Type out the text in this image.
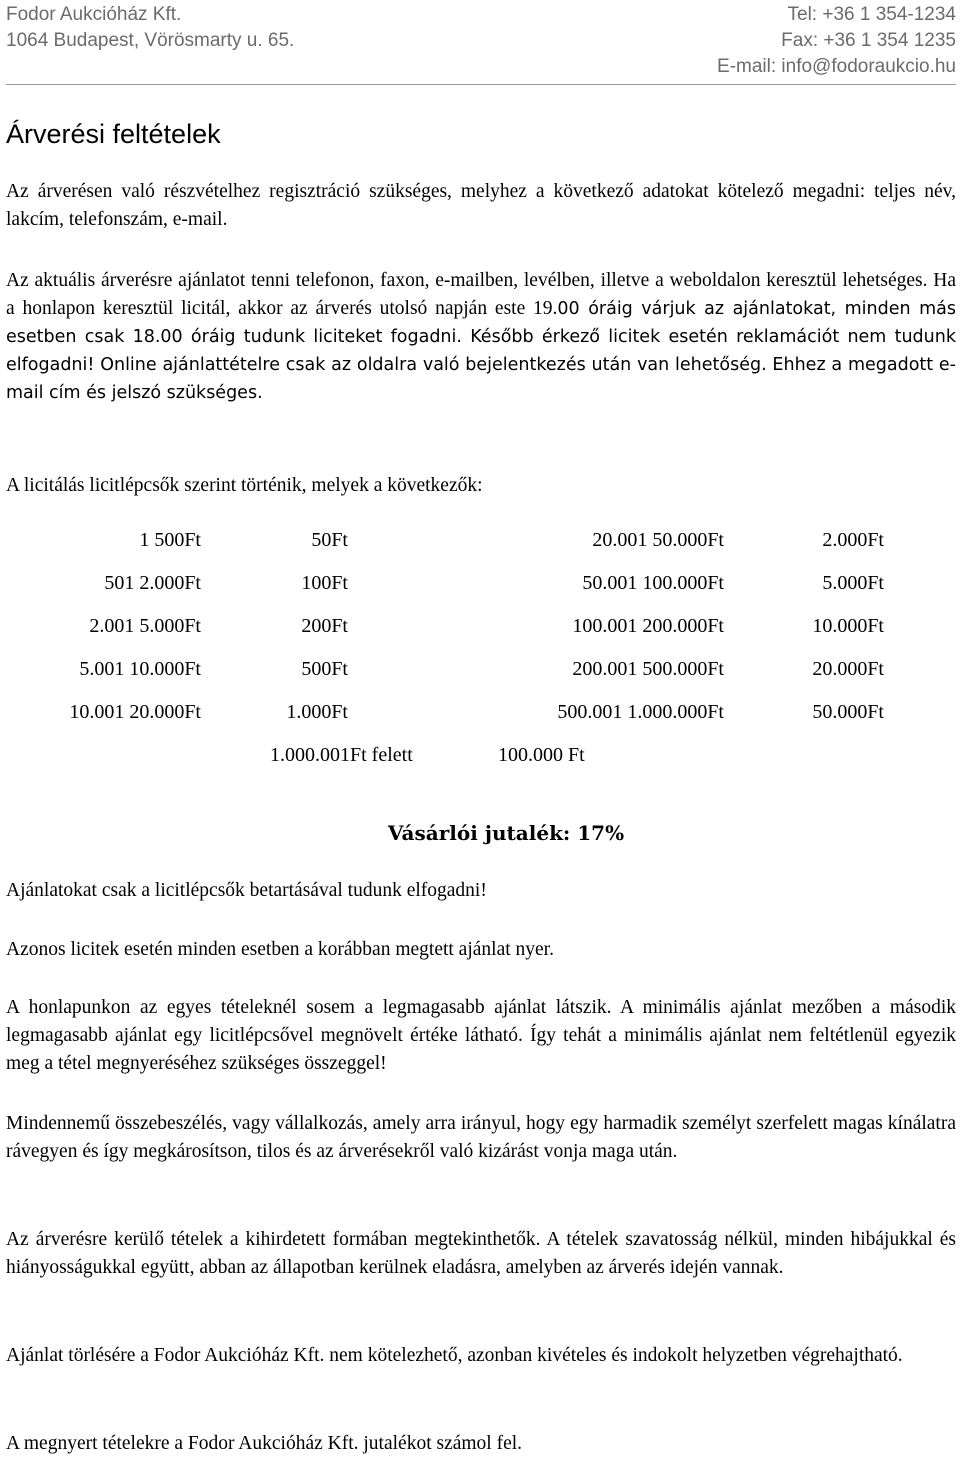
Fodor Aukcióház Kft.
1064 Budapest, Vörösmarty u. 65.
Tel: +36 1 354-1234
Fax: +36 1 354 1235
E-mail: info@fodoraukcio.hu
Árverési feltételek

Az árverésen való részvételhez regisztráció szükséges, melyhez a következő adatokat kötelező megadni: teljes név, lakcím, telefonszám, e-mail.

Az aktuális árverésre ajánlatot tenni telefonon, faxon, e-mailben, levélben, illetve a weboldalon keresztül lehetséges. Ha a honlapon keresztül licitál, akkor az árverés utolsó napján este 19.00 óráig várjuk az ajánlatokat, minden más esetben csak 18.00 óráig tudunk liciteket fogadni. Később érkező licitek esetén reklamációt nem tudunk elfogadni! Online ajánlattételre csak az oldalra való bejelentkezés után van lehetőség. Ehhez a megadott e-mail cím és jelszó szükséges.

A licitálás licitlépcsők szerint történik, melyek a következők:

1 500Ft	50Ft	20.001 50.000Ft	2.000Ft
501 2.000Ft	100Ft	50.001 100.000Ft	5.000Ft
2.001 5.000Ft	200Ft	100.001 200.000Ft	10.000Ft
5.001 10.000Ft	500Ft	200.001 500.000Ft	20.000Ft
10.001 20.000Ft	1.000Ft	500.001 1.000.000Ft	50.000Ft
1.000.001Ft felett	100.000 Ft
Vásárlói jutalék: 17%

Ajánlatokat csak a licitlépcsők betartásával tudunk elfogadni!

Azonos licitek esetén minden esetben a korábban megtett ajánlat nyer.

A honlapunkon az egyes tételeknél sosem a legmagasabb ajánlat látszik. A minimális ajánlat mezőben a második legmagasabb ajánlat egy licitlépcsővel megnövelt értéke látható. Így tehát a minimális ajánlat nem feltétlenül egyezik meg a tétel megnyeréséhez szükséges összeggel!

Mindennemű összebeszélés, vagy vállalkozás, amely arra irányul, hogy egy harmadik személyt szerfelett magas kínálatra rávegyen és így megkárosítson, tilos és az árverésekről való kizárást vonja maga után.

Az árverésre kerülő tételek a kihirdetett formában megtekinthetők. A tételek szavatosság nélkül, minden hibájukkal és hiányosságukkal együtt, abban az állapotban kerülnek eladásra, amelyben az árverés idején vannak.

Ajánlat törlésére a Fodor Aukcióház Kft. nem kötelezhető, azonban kivételes és indokolt helyzetben végrehajtható.

A megnyert tételekre a Fodor Aukcióház Kft. jutalékot számol fel.
